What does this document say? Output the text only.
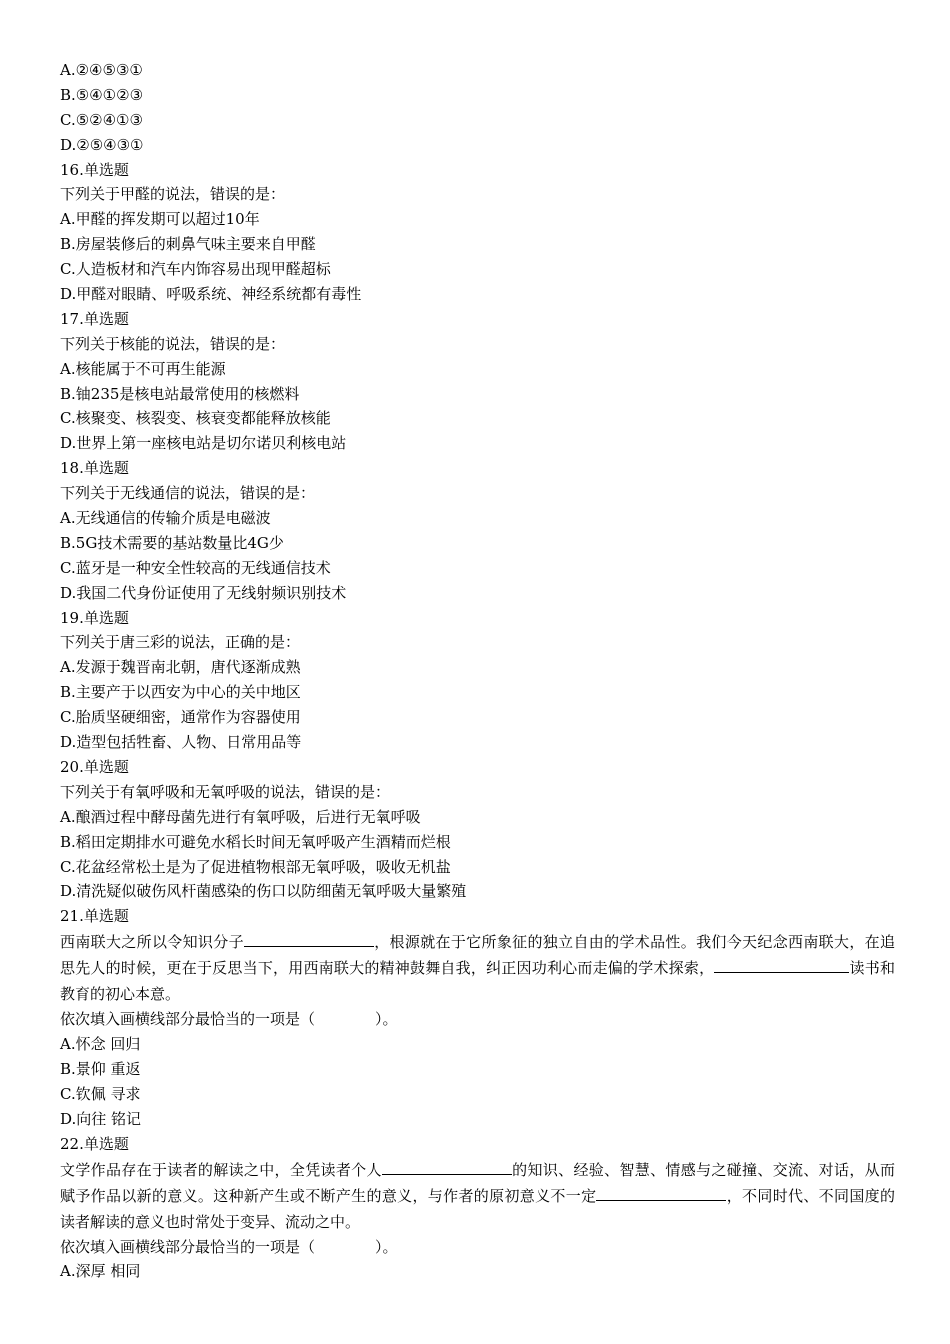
A.②④⑤③①
B.⑤④①②③
C.⑤②④①③
D.②⑤④③①
16.单选题
下列关于甲醛的说法，错误的是：
A.甲醛的挥发期可以超过10年
B.房屋装修后的刺鼻气味主要来自甲醛
C.人造板材和汽车内饰容易出现甲醛超标
D.甲醛对眼睛、呼吸系统、神经系统都有毒性
17.单选题
下列关于核能的说法，错误的是：
A.核能属于不可再生能源
B.铀235是核电站最常使用的核燃料
C.核聚变、核裂变、核衰变都能释放核能
D.世界上第一座核电站是切尔诺贝利核电站
18.单选题
下列关于无线通信的说法，错误的是：
A.无线通信的传输介质是电磁波
B.5G技术需要的基站数量比4G少
C.蓝牙是一种安全性较高的无线通信技术
D.我国二代身份证使用了无线射频识别技术
19.单选题
下列关于唐三彩的说法，正确的是：
A.发源于魏晋南北朝，唐代逐渐成熟
B.主要产于以西安为中心的关中地区
C.胎质坚硬细密，通常作为容器使用
D.造型包括牲畜、人物、日常用品等
20.单选题
下列关于有氧呼吸和无氧呼吸的说法，错误的是：
A.酿酒过程中酵母菌先进行有氧呼吸，后进行无氧呼吸
B.稻田定期排水可避免水稻长时间无氧呼吸产生酒精而烂根
C.花盆经常松土是为了促进植物根部无氧呼吸，吸收无机盐
D.清洗疑似破伤风杆菌感染的伤口以防细菌无氧呼吸大量繁殖
21.单选题
西南联大之所以令知识分子	，根源就在于它所象征的独立自由的学术品性。我们今天纪念西南联大，在追思先人的时候，更在于反思当下，用西南联大的精神鼓舞自我，纠正因功利心而走偏的学术探索，	读书和教育的初心本意。
依次填入画横线部分最恰当的一项是（	）。
A.怀念 回归
B.景仰 重返
C.钦佩 寻求
D.向往 铭记
22.单选题
文学作品存在于读者的解读之中，全凭读者个人	的知识、经验、智慧、情感与之碰撞、交流、对话，从而赋予作品以新的意义。这种新产生或不断产生的意义，与作者的原初意义不一定	，不同时代、不同国度的读者解读的意义也时常处于变异、流动之中。
依次填入画横线部分最恰当的一项是（	）。
A.深厚 相同
